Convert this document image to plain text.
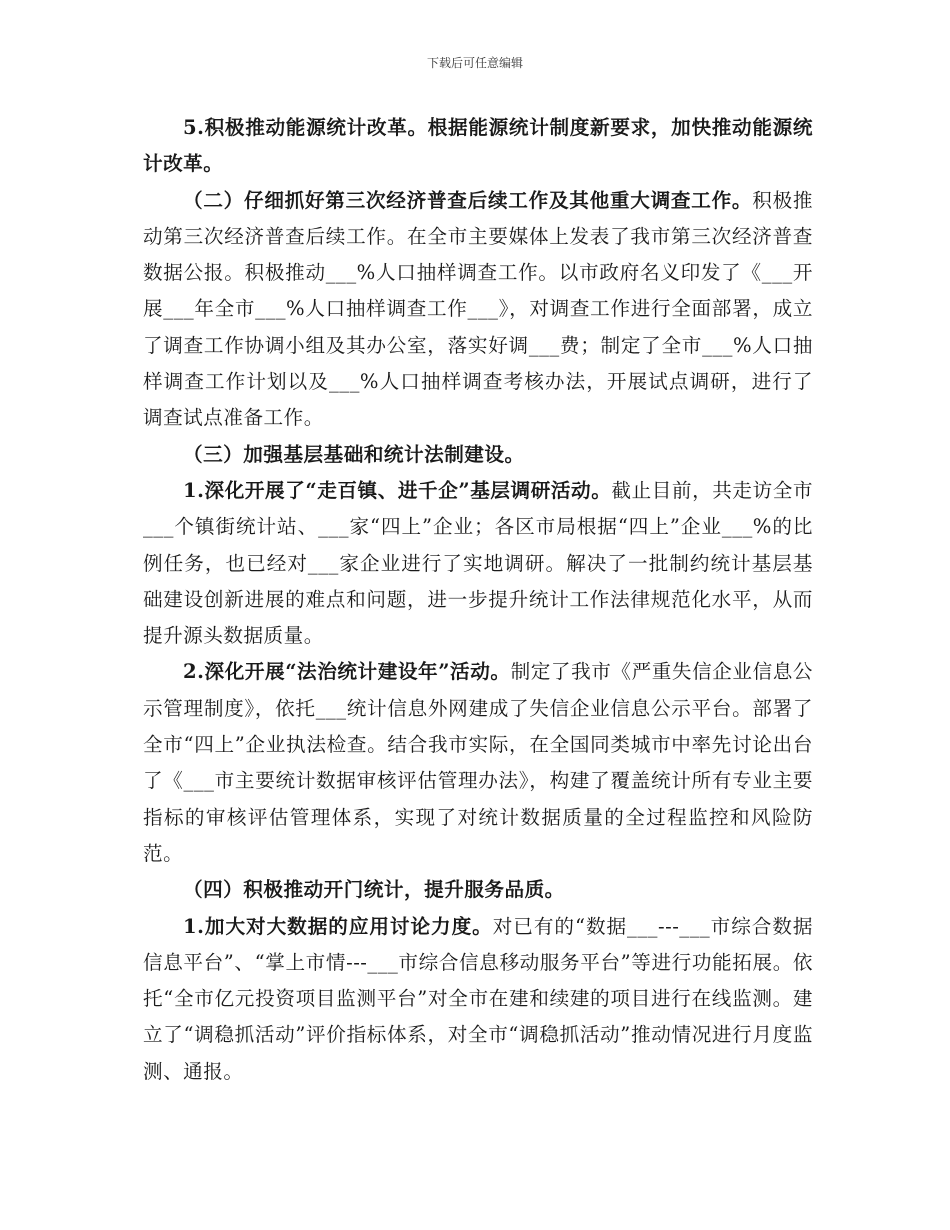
下载后可任意编辑

5.积极推动能源统计改革。根据能源统计制度新要求，加快推动能源统计改革。

（二）仔细抓好第三次经济普查后续工作及其他重大调查工作。积极推动第三次经济普查后续工作。在全市主要媒体上发表了我市第三次经济普查数据公报。积极推动___%人口抽样调查工作。以市政府名义印发了《___开展___年全市___%人口抽样调查工作___》，对调查工作进行全面部署，成立了调查工作协调小组及其办公室，落实好调___费；制定了全市___%人口抽样调查工作计划以及___%人口抽样调查考核办法，开展试点调研，进行了调查试点准备工作。

（三）加强基层基础和统计法制建设。

1.深化开展了“走百镇、进千企”基层调研活动。截止目前，共走访全市___个镇街统计站、___家“四上”企业；各区市局根据“四上”企业___%的比例任务，也已经对___家企业进行了实地调研。解决了一批制约统计基层基础建设创新进展的难点和问题，进一步提升统计工作法律规范化水平，从而提升源头数据质量。

2.深化开展“法治统计建设年”活动。制定了我市《严重失信企业信息公示管理制度》，依托___统计信息外网建成了失信企业信息公示平台。部署了全市“四上”企业执法检查。结合我市实际，在全国同类城市中率先讨论出台了《___市主要统计数据审核评估管理办法》，构建了覆盖统计所有专业主要指标的审核评估管理体系，实现了对统计数据质量的全过程监控和风险防范。

（四）积极推动开门统计，提升服务品质。

1.加大对大数据的应用讨论力度。对已有的“数据___---___市综合数据信息平台”、“掌上市情---___市综合信息移动服务平台”等进行功能拓展。依托“全市亿元投资项目监测平台”对全市在建和续建的项目进行在线监测。建立了“调稳抓活动”评价指标体系，对全市“调稳抓活动”推动情况进行月度监测、通报。
